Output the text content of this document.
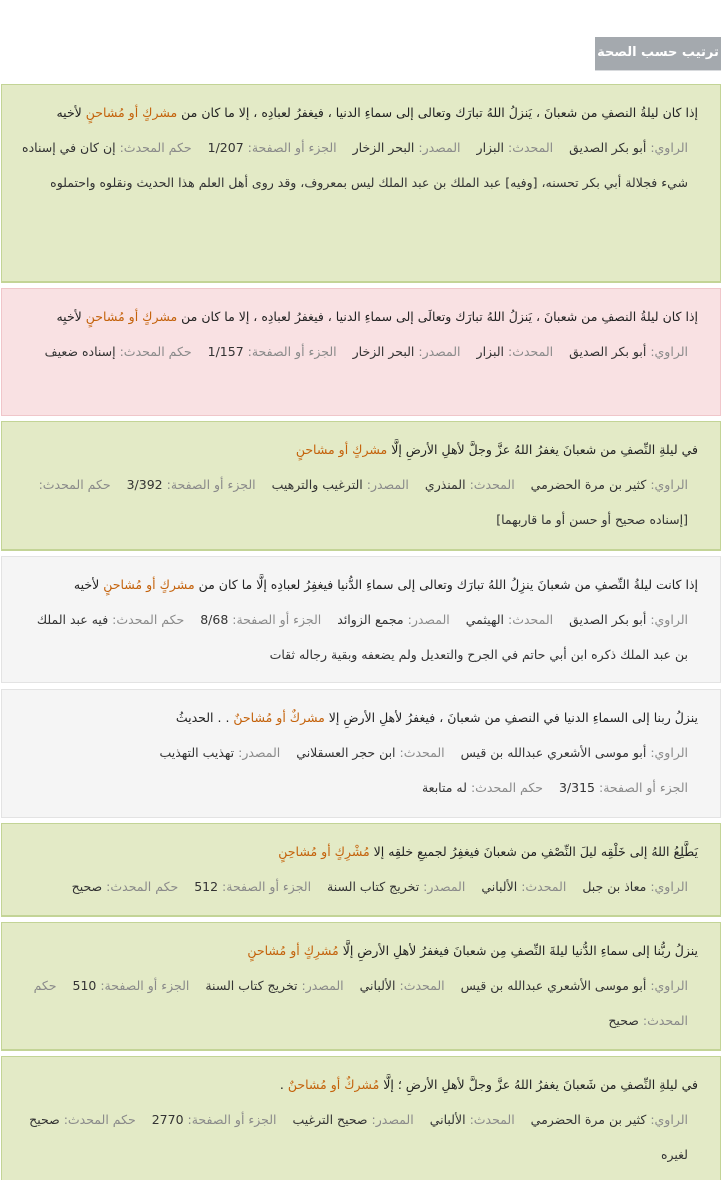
ترتيب حسب الصحة
إذا كان ليلةُ النصفِ من شعبانَ ، يَنزلُ اللهُ تبارَك وتعالى إلى سماءِ الدنيا ، فيغفرُ لعبادِه ، إلا ما كان من مشركٍ أو مُشاحنٍ لأخيه
الراوي: أبو بكر الصديق المحدث: البزار المصدر: البحر الزخار الجزء أو الصفحة: 1/207 حكم المحدث: إن كان في إسناده شيء فجلالة أبي بكر تحسنه، [وفيه] عبد الملك بن عبد الملك ليس بمعروف، وقد روى أهل العلم هذا الحديث ونقلوه واحتملوه
إذا كان ليلةُ النصفِ من شعبانَ ، يَنزلُ اللهُ تبارَك وتعالَى إلى سماءِ الدنيا ، فيغفرُ لعبادِه ، إلا ما كان من مشركٍ أو مُشاحنٍ لأخيِه
الراوي: أبو بكر الصديق المحدث: البزار المصدر: البحر الزخار الجزء أو الصفحة: 1/157 حكم المحدث: إسناده ضعيف
في ليلةِ النِّصفِ من شعبانَ يغفرُ اللهُ عزَّ وجلَّ لأهلِ الأرضِ إلَّا مشركٍ أو مشاحنٍ
الراوي: كثير بن مرة الحضرمي المحدث: المنذري المصدر: الترغيب والترهيب الجزء أو الصفحة: 3/392 حكم المحدث: [إسناده صحيح أو حسن أو ما قاربهما]
إذا كانت ليلةُ النِّصفِ من شعبانَ ينزِلُ اللهُ تبارَك وتعالى إلى سماءِ الدُّنيا فيغفِرُ لعبادِه إلَّا ما كان من مشركٍ أو مُشاحنٍ لأخيه
الراوي: أبو بكر الصديق المحدث: الهيثمي المصدر: مجمع الزوائد الجزء أو الصفحة: 8/68 حكم المحدث: فيه عبد الملك بن عبد الملك ذكره ابن أبي حاتم في الجرح والتعديل ولم يضعفه وبقية رجاله ثقات
ينزلُ ربنا إلى السماءِ الدنيا في النصفِ من شعبانَ ، فيغفرُ لأهلِ الأرضِ إلا مشركٌ أو مُشاحنٌ . . الحديثُ
الراوي: أبو موسى الأشعري عبدالله بن قيس المحدث: ابن حجر العسقلاني المصدر: تهذيب التهذيب الجزء أو الصفحة: 3/315 حكم المحدث: له متابعة
يَطَّلِعُ اللهُ إلى خَلْقِه ليلَ النِّصْفِ من شعبانَ فيغفِرُ لجميعِ خلقِه إلا مُشْرِكٍ أو مُشاحِنٍ
الراوي: معاذ بن جبل المحدث: الألباني المصدر: تخريج كتاب السنة الجزء أو الصفحة: 512 حكم المحدث: صحيح
ينزلُ ربُّنا إلى سماءِ الدُّنيا ليلةَ النِّصفِ مِن شعبانَ فيغفرُ لأهلِ الأرضِ إلَّا مُشرِكٍ أو مُشاحنٍ
الراوي: أبو موسى الأشعري عبدالله بن قيس المحدث: الألباني المصدر: تخريج كتاب السنة الجزء أو الصفحة: 510 حكم المحدث: صحيح
في ليلةِ النِّصفِ من شَعبانَ يغفرُ اللهُ عزَّ وجلَّ لأهلِ الأرضِ ؛ إلَّا مُشركٌ أو مُشاحنٌ .
الراوي: كثير بن مرة الحضرمي المحدث: الألباني المصدر: صحيح الترغيب الجزء أو الصفحة: 2770 حكم المحدث: صحيح لغيره
